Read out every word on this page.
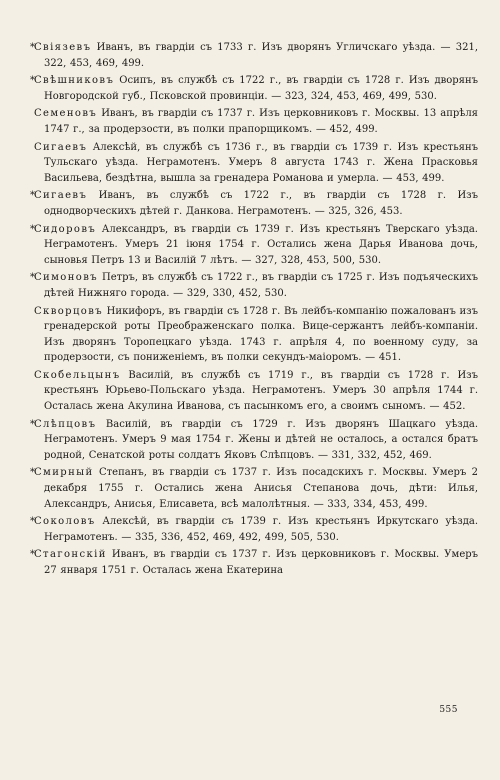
*Свіязевъ Иванъ, въ гвардіи съ 1733 г. Изъ дворянъ Угличскаго уѣзда. — 321, 322, 453, 469, 499.

*Свѣшниковъ Осипъ, въ службѣ съ 1722 г., въ гвардіи съ 1728 г. Изъ дворянъ Новгородской губ., Псковской провинціи. — 323, 324, 453, 469, 499, 530.

Семеновъ Иванъ, въ гвардіи съ 1737 г. Изъ церковниковъ г. Москвы. 13 апрѣля 1747 г., за продерзости, въ полки прапорщикомъ. — 452, 499.

Сигаевъ Алексѣй, въ службѣ съ 1736 г., въ гвардіи съ 1739 г. Изъ крестьянъ Тульскаго уѣзда. Неграмотенъ. Умеръ 8 августа 1743 г. Жена Прасковья Васильева, бездѣтна, вышла за гренадера Романова и умерла. — 453, 499.

*Сигаевъ Иванъ, въ службѣ съ 1722 г., въ гвардіи съ 1728 г. Изъ однодворческихъ дѣтей г. Данкова. Неграмотенъ. — 325, 326, 453.

*Сидоровъ Александръ, въ гвардіи съ 1739 г. Изъ крестьянъ Тверскаго уѣзда. Неграмотенъ. Умеръ 21 іюня 1754 г. Остались жена Дарья Иванова дочь, сыновья Петръ 13 и Василій 7 лѣтъ. — 327, 328, 453, 500, 530.

*Симоновъ Петръ, въ службѣ съ 1722 г., въ гвардіи съ 1725 г. Изъ подъяческихъ дѣтей Нижняго города. — 329, 330, 452, 530.

Скворцовъ Никифоръ, въ гвардіи съ 1728 г. Въ лейбъ-компанію пожалованъ изъ гренадерской роты Преображенскаго полка. Вице-сержантъ лейбъ-компаніи. Изъ дворянъ Торопецкаго уѣзда. 1743 г. апрѣля 4, по военному суду, за продерзости, съ пониженіемъ, въ полки секундъ-маіоромъ. — 451.

Скобельцынъ Василій, въ службѣ съ 1719 г., въ гвардіи съ 1728 г. Изъ крестьянъ Юрьево-Польскаго уѣзда. Неграмотенъ. Умеръ 30 апрѣля 1744 г. Осталась жена Акулина Иванова, съ пасынкомъ его, а своимъ сыномъ. — 452.

*Слѣпцовъ Василій, въ гвардіи съ 1729 г. Изъ дворянъ Шацкаго уѣзда. Неграмотенъ. Умеръ 9 мая 1754 г. Жены и дѣтей не осталось, а остался братъ родной, Сенатской роты солдатъ Яковъ Слѣпцовъ. — 331, 332, 452, 469.

*Смирный Степанъ, въ гвардіи съ 1737 г. Изъ посадскихъ г. Москвы. Умеръ 2 декабря 1755 г. Остались жена Анисья Степанова дочь, дѣти: Илья, Александръ, Анисья, Елисавета, всѣ малолѣтныя. — 333, 334, 453, 499.

*Соколовъ Алексѣй, въ гвардіи съ 1739 г. Изъ крестьянъ Иркутскаго уѣзда. Неграмотенъ. — 335, 336, 452, 469, 492, 499, 505, 530.

*Стагонскій Иванъ, въ гвардіи съ 1737 г. Изъ церковниковъ г. Москвы. Умеръ 27 января 1751 г. Осталась жена Екатерина

555
